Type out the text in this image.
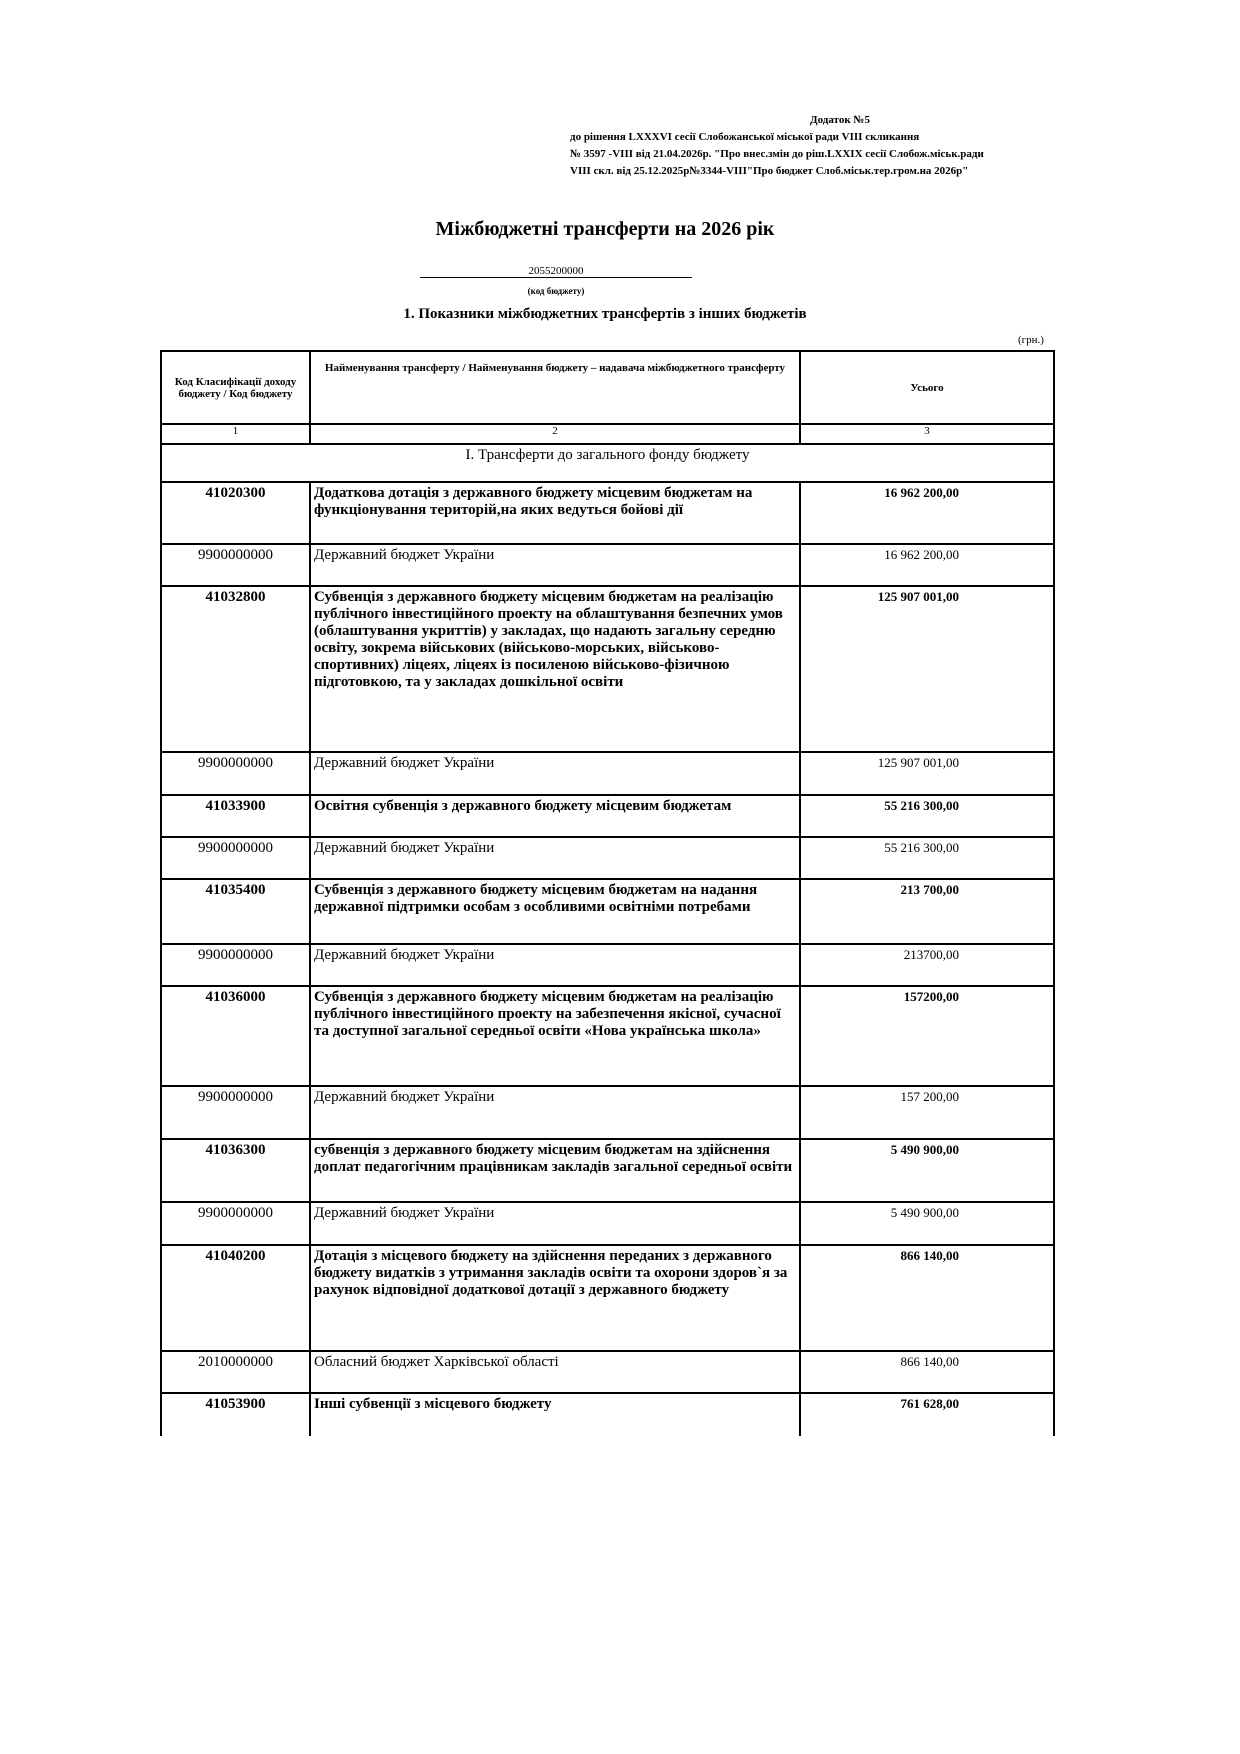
Додаток №5
до рішення LXXXVI сесії Слобожанської міської ради VIII скликання
№ 3597 -VIII від 21.04.2026р. "Про внес.змін до ріш.LXXIX сесії Слобож.міськ.ради
VIII скл. від 25.12.2025р№3344-VIII"Про бюджет Слоб.міськ.тер.гром.на 2026р"
Міжбюджетні трансферти на 2026 рік
2055200000
(код бюджету)
1. Показники міжбюджетних трансфертів з інших бюджетів
(грн.)
Код Класифікації доходу бюджету / Код бюджету	Найменування трансферту / Найменування бюджету – надавача міжбюджетного трансферту	Усього
1	2	3
І. Трансферти до загального фонду бюджету		
41020300	Додаткова дотація з державного бюджету місцевим бюджетам на функціонування територій,на яких ведуться бойові дії	16 962 200,00
9900000000	Державний бюджет України	16 962 200,00
41032800	Субвенція з державного бюджету місцевим бюджетам на реалізацію публічного інвестиційного проекту на облаштування безпечних умов (облаштування укриттів) у закладах, що надають загальну середню освіту, зокрема військових (військово-морських, військово-спортивних) ліцеях, ліцеях із посиленою військово-фізичною підготовкою, та у закладах дошкільної освіти	125 907 001,00
9900000000	Державний бюджет України	125 907 001,00
41033900	Освітня субвенція з державного бюджету місцевим бюджетам	55 216 300,00
9900000000	Державний бюджет України	55 216 300,00
41035400	Субвенція з державного бюджету місцевим бюджетам на надання державної підтримки особам з особливими освітніми потребами	213 700,00
9900000000	Державний бюджет України	213700,00
41036000	Субвенція з державного бюджету місцевим бюджетам на реалізацію публічного інвестиційного проекту на забезпечення якісної, сучасної та доступної загальної середньої освіти «Нова українська школа»	157200,00
9900000000	Державний бюджет України	157 200,00
41036300	субвенція з державного бюджету місцевим бюджетам на здійснення доплат педагогічним працівникам закладів загальної середньої освіти	5 490 900,00
9900000000	Державний бюджет України	5 490 900,00
41040200	Дотація з місцевого бюджету на здійснення переданих з державного бюджету видатків з утримання закладів освіти та охорони здоров`я за рахунок відповідної додаткової дотації з державного бюджету	866 140,00
2010000000	Обласний бюджет Харківської області	866 140,00
41053900	Інші субвенції з місцевого бюджету	761 628,00
